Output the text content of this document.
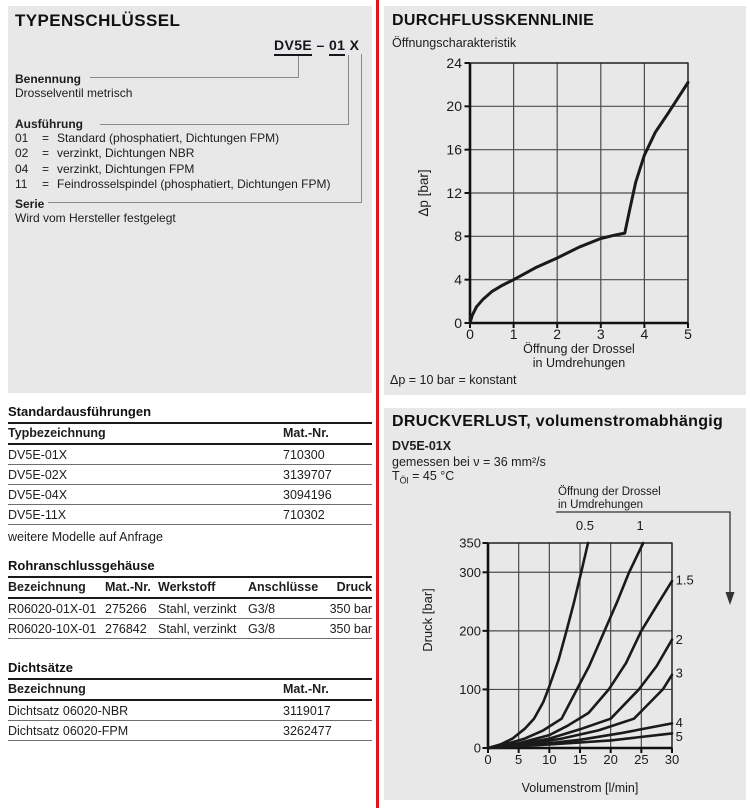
TYPENSCHLÜSSEL
DV5E – 01 X
Benennung
Drosselventil metrisch
Ausführung
01	= Standard (phosphatiert, Dichtungen FPM)
02	= verzinkt, Dichtungen NBR
04	= verzinkt, Dichtungen FPM
11	= Feindrosselspindel (phosphatiert, Dichtungen FPM)
Serie
Wird vom Hersteller festgelegt
Standardausführungen
Typbezeichnung	Mat.-Nr.
DV5E-01X	710300
DV5E-02X	3139707
DV5E-04X	3094196
DV5E-11X	710302

weitere Modelle auf Anfrage

Rohranschlussgehäuse
Bezeichnung	Mat.-Nr.	Werkstoff	Anschlüsse	Druck
R06020-01X-01	275266	Stahl, verzinkt	G3/8	350 bar
R06020-10X-01	276842	Stahl, verzinkt	G3/8	350 bar
Dichtsätze
Bezeichnung	Mat.-Nr.
Dichtsatz 06020-NBR	3119017
Dichtsatz 06020-FPM	3262477
DURCHFLUSSKENNLINIE
Öffnungscharakteristik
0	1	2	3	4	5
0
4
8
12
16
20
24
Δp [bar]
Öffnung der Drossel
in Umdrehungen
Δp = 10 bar = konstant
DRUCKVERLUST, volumenstromabhängig
DV5E-01X
gemessen bei ν = 36 mm²/s
$T_{Öl} = 45$ °C
0 5 10 15 20 25 30
0
100
200
300
350
0.5	1
1.5
2
3
4
5
Öffnung der Drossel
in Umdrehungen
Druck [bar]
Volumenstrom [l/min]
